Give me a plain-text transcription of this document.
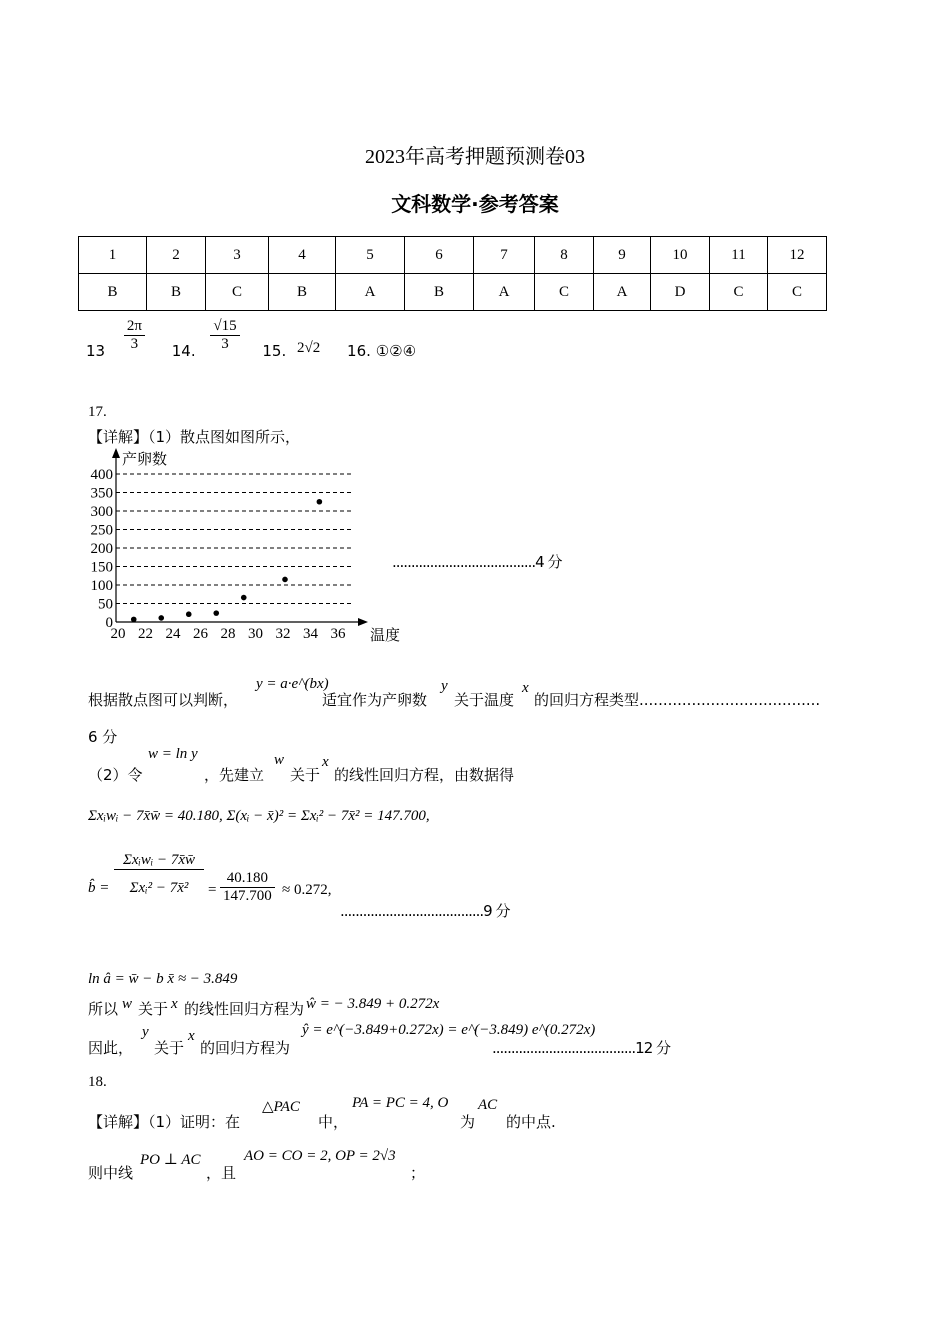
2023年高考押题预测卷03
文科数学·参考答案
1	2	3	4	5	6	7	8	9	10	11	12
B	B	C	B	A	B	A	C	A	D	C	C
$13 \frac{2\pi}{3} 14$. $\frac{√15}{3} 15$. 2√2 16. ①②④
17.
【详解】（1）散点图如图所示，
0
50
100
150
200
250
300
350
400
20 22 24 26 28 30 32 34 36
产卵数
温度
......................................4 分
根据散点图可以判断，
y = a·e^(bx)
适宜作为产卵数
y
关于温度
x
的回归方程类型......................................
6 分
（2）令
w = ln y
，先建立
w
关于
x
的线性回归方程，由数据得
Σxᵢwᵢ − 7x̄w̄ = 40.180, Σ(xᵢ − x̄)² = Σxᵢ² − 7x̄² = 147.700,
b̂ = $\frac{\text{Σxᵢwᵢ − 7x̄w̄}}{\text{Σxᵢ² − 7x̄²}} = \frac{40.180}{147.700} \approx 0.272$,
......................................9 分
ln â = w̄ − b x̄ ≈ − 3.849
所以 w 关于 x 的线性回归方程为 ŵ = − 3.849 + 0.272x
因此，
y
关于
x
的回归方程为
ŷ = e^(−3.849+0.272x) = e^(−3.849) e^(0.272x)
......................................12 分
18.
【详解】（1）证明：在
△PAC
中，
PA = PC = 4, O
为
AC
的中点.
则中线
PO ⊥ AC
，且
AO = CO = 2, OP = 2√3
；
